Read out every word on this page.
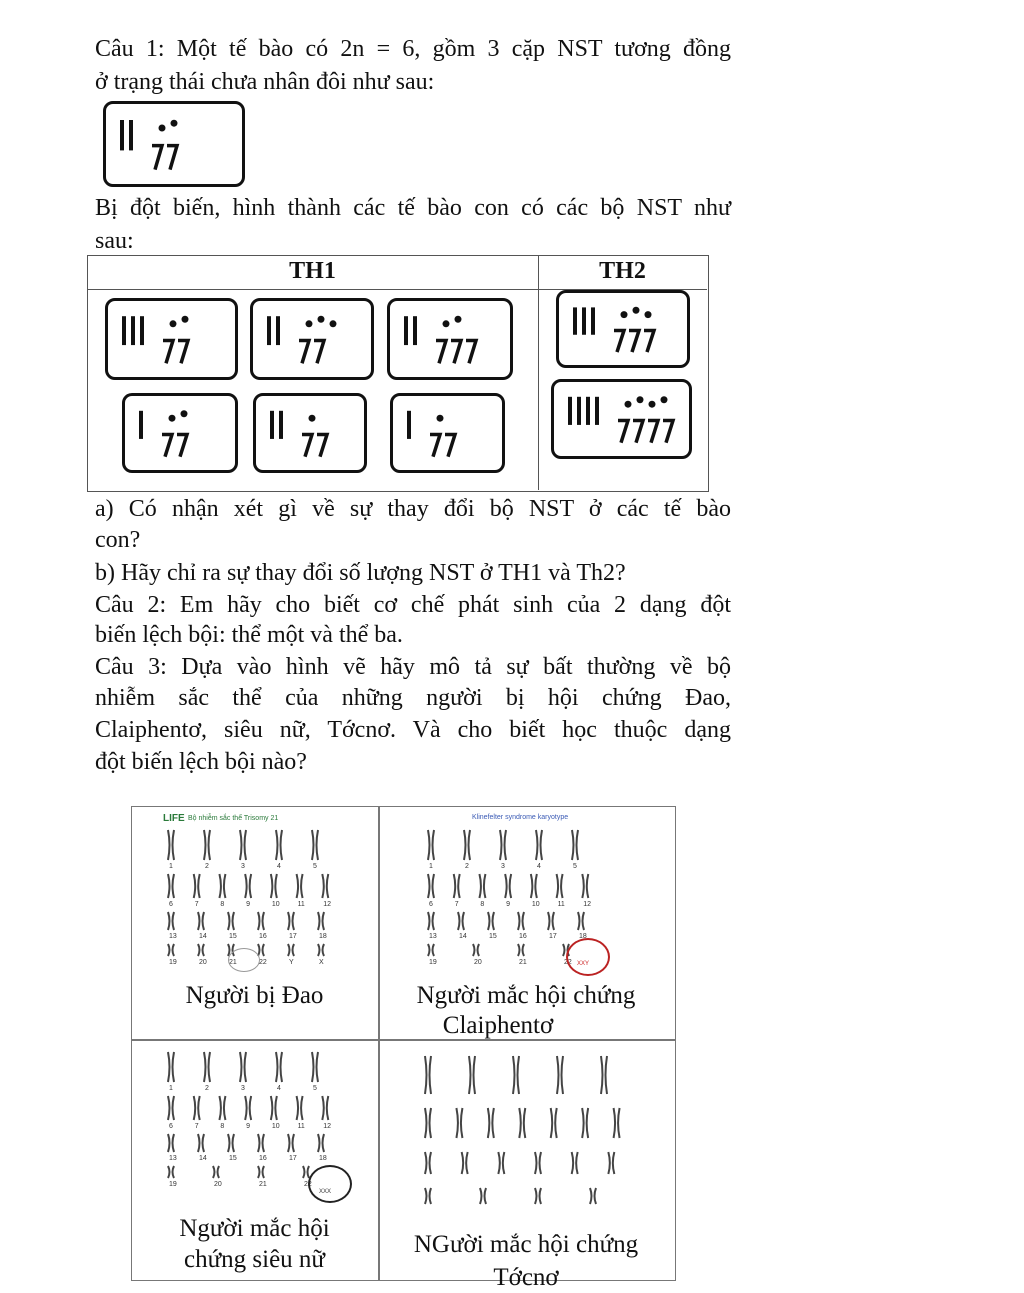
Câu 1: Một tế bào có 2n = 6, gồm 3 cặp NST tương đồng
ở trạng thái chưa nhân đôi như sau:
Bị đột biến, hình thành các tế bào con có các bộ NST như
sau:
TH1	TH2
a) Có nhận xét gì về sự thay đổi bộ NST ở các tế bào
con?
b) Hãy chỉ ra sự thay đổi số lượng NST ở TH1 và Th2?
Câu 2: Em hãy cho biết cơ chế phát sinh của 2 dạng đột
biến lệch bội: thể một và thể ba.
Câu 3: Dựa vào hình vẽ hãy mô tả sự bất thường về bộ
nhiễm sắc thể của những người bị hội chứng Đao,
Claiphentơ, siêu nữ, Tớcnơ. Và cho biết học thuộc dạng
đột biến lệch bội nào?
LIFE Bộ nhiễm sắc thể Trisomy 21
1	2	3	4	5
6	7	8	9	10	11	12
13	14	15	16	17	18
19	20	21	22	Y	X
Người bị Đao
Klinefelter syndrome karyotype
1	2	3	4	5
6	7	8	9	10	11	12
13	14	15	16	17	18
19	20	21	22 XXY
Người mắc hội chứng
Claiphentơ
1	2	3	4	5
6	7	8	9	10	11	12
13	14	15	16	17	18
19	20	21	22
XXX
Người mắc hội
chứng siêu nữ
NGười mắc hội chứng
Tớcnơ
